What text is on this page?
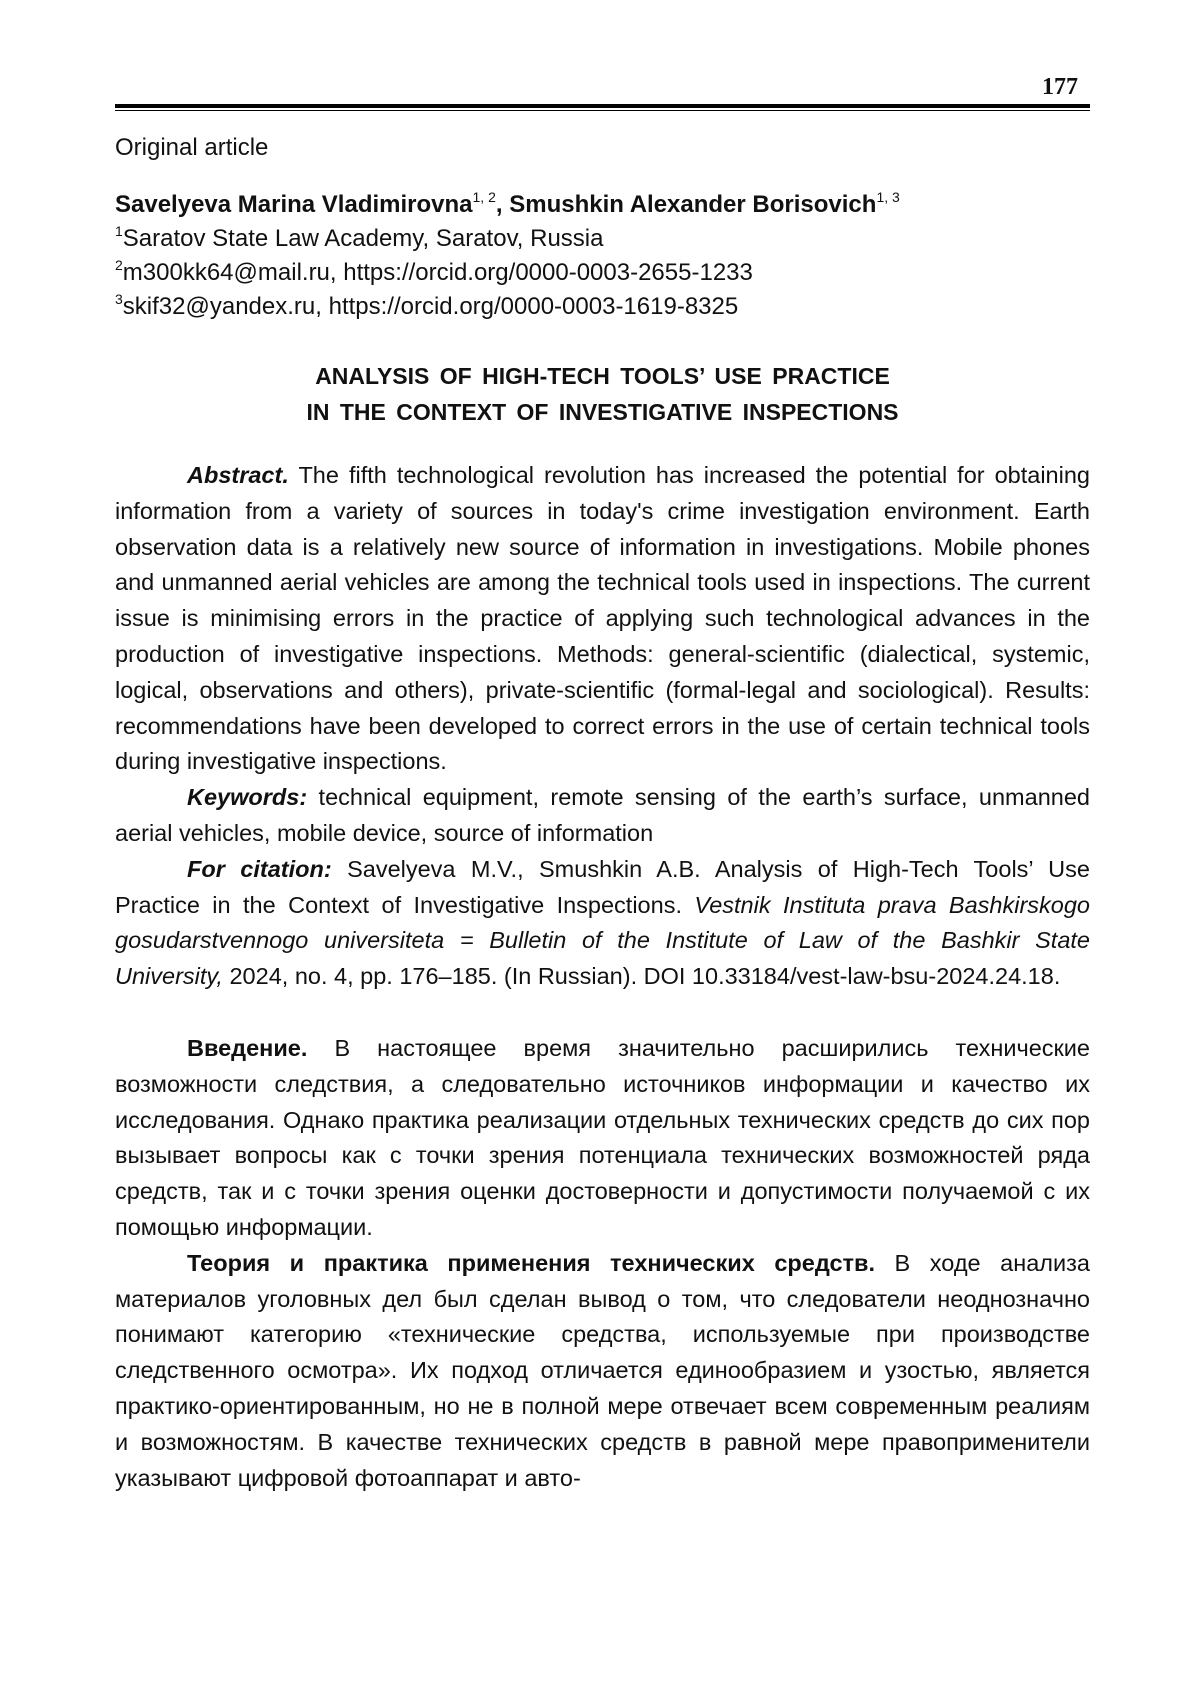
177
Original article
Savelyeva Marina Vladimirovna$^{1, 2}$, Smushkin Alexander Borisovich$^{1, 3}$
$^1$Saratov State Law Academy, Saratov, Russia
$^2$m300kk64@mail.ru, https://orcid.org/0000-0003-2655-1233
$^3$skif32@yandex.ru, https://orcid.org/0000-0003-1619-8325
ANALYSIS OF HIGH-TECH TOOLS’ USE PRACTICE
IN THE CONTEXT OF INVESTIGATIVE INSPECTIONS

Abstract. The fifth technological revolution has increased the potential for obtaining information from a variety of sources in today's crime investigation environment. Earth observation data is a relatively new source of information in investigations. Mobile phones and unmanned aerial vehicles are among the technical tools used in inspections. The current issue is minimising errors in the practice of applying such technological advances in the production of investigative inspections. Methods: general-scientific (dialectical, systemic, logical, observations and others), private-scientific (formal-legal and sociological). Results: recommendations have been developed to correct errors in the use of certain technical tools during investigative inspections.

Keywords: technical equipment, remote sensing of the earth’s surface, unmanned aerial vehicles, mobile device, source of information

For citation: Savelyeva M.V., Smushkin A.B. Analysis of High-Tech Tools’ Use Practice in the Context of Investigative Inspections. Vestnik Instituta prava Bashkirskogo gosudarstvennogo universiteta = Bulletin of the Institute of Law of the Bashkir State University, 2024, no. 4, pp. 176–185. (In Russian). DOI 10.33184/vest-law-bsu-2024.24.18.

Введение. В настоящее время значительно расширились технические возможности следствия, а следовательно источников информации и качество их исследования. Однако практика реализации отдельных технических средств до сих пор вызывает вопросы как с точки зрения потенциала технических возможностей ряда средств, так и с точки зрения оценки достоверности и допустимости получаемой с их помощью информации.

Теория и практика применения технических средств. В ходе анализа материалов уголовных дел был сделан вывод о том, что следователи неоднозначно понимают категорию «технические средства, используемые при производстве следственного осмотра». Их подход отличается единообразием и узостью, является практико-ориентированным, но не в полной мере отвечает всем современным реалиям и возможностям. В качестве технических средств в равной мере правоприменители указывают цифровой фотоаппарат и авто-
